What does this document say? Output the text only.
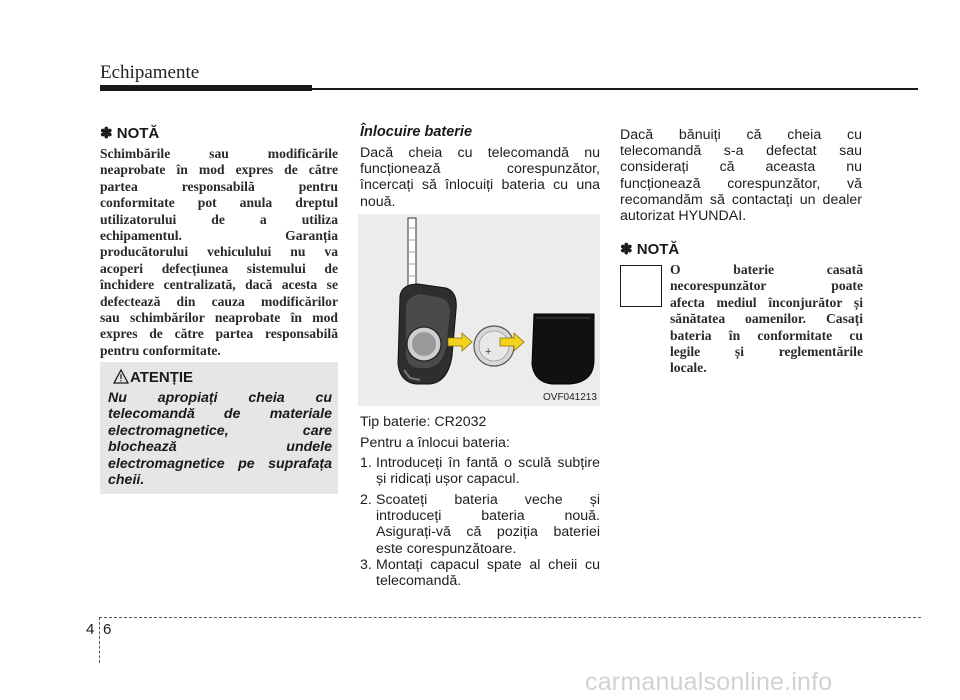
Echipamente
✽ NOTĂ
Schimbările sau modificările
neaprobate în mod expres de către
partea responsabilă pentru
conformitate pot anula dreptul
utilizatorului de a utiliza
echipamentul. Garanția
producătorului vehiculului nu va
acoperi defecțiunea sistemului de
închidere centralizată, dacă acesta se
defectează din cauza modificărilor
sau schimbărilor neaprobate în mod
expres de către partea responsabilă
pentru conformitate.
ATENȚIE
Nu apropiați cheia cu
telecomandă de materiale
electromagnetice, care
blochează undele
electromagnetice pe suprafața
cheii.
Înlocuire baterie
Dacă cheia cu telecomandă nu
funcționează corespunzător,
încercați să înlocuiți bateria cu una
nouă.
+
OVF041213
Tip baterie: CR2032
Pentru a înlocui bateria:
1. Introduceți în fantă o sculă subțire
și ridicați ușor capacul.
2. Scoateți bateria veche și
introduceți bateria nouă.
Asigurați-vă că poziția bateriei
este corespunzătoare.
3. Montați capacul spate al cheii cu
telecomandă.
Dacă bănuiți că cheia cu
telecomandă s-a defectat sau
considerați că aceasta nu
funcționează corespunzător, vă
recomandăm să contactați un dealer
autorizat HYUNDAI.
✽ NOTĂ
O baterie casată
necorespunzător poate
afecta mediul înconjurător și
sănătatea oamenilor. Casați
bateria în conformitate cu
legile și reglementările
locale.
4 6
carmanualsonline.info
